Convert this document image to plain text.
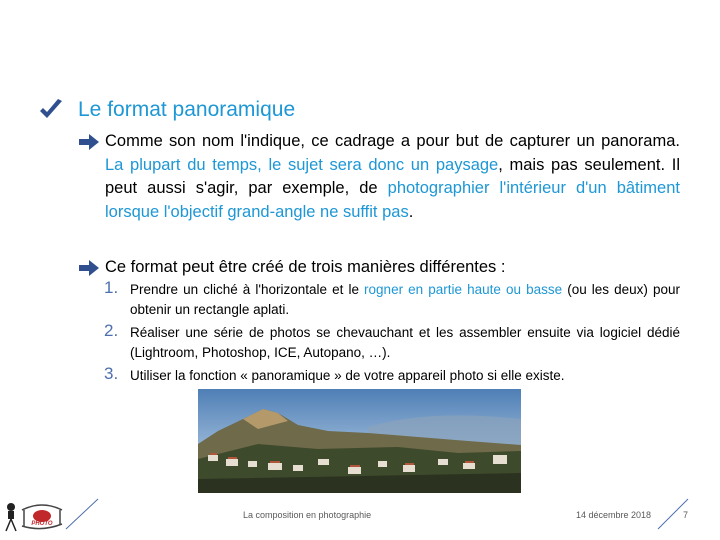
Le format panoramique
Comme son nom l'indique, ce cadrage a pour but de capturer un panorama. La plupart du temps, le sujet sera donc un paysage, mais pas seulement. Il peut aussi s'agir, par exemple, de photographier l'intérieur d'un bâtiment lorsque l'objectif grand-angle ne suffit pas.
Ce format peut être créé de trois manières différentes :
1. Prendre un cliché à l'horizontale et le rogner en partie haute ou basse (ou les deux) pour obtenir un rectangle aplati.
2. Réaliser une série de photos se chevauchant et les assembler ensuite via logiciel dédié (Lightroom, Photoshop, ICE, Autopano, …).
3. Utiliser la fonction « panoramique » de votre appareil photo si elle existe.
PHOTO
La composition en photographie	14 décembre 2018	7
